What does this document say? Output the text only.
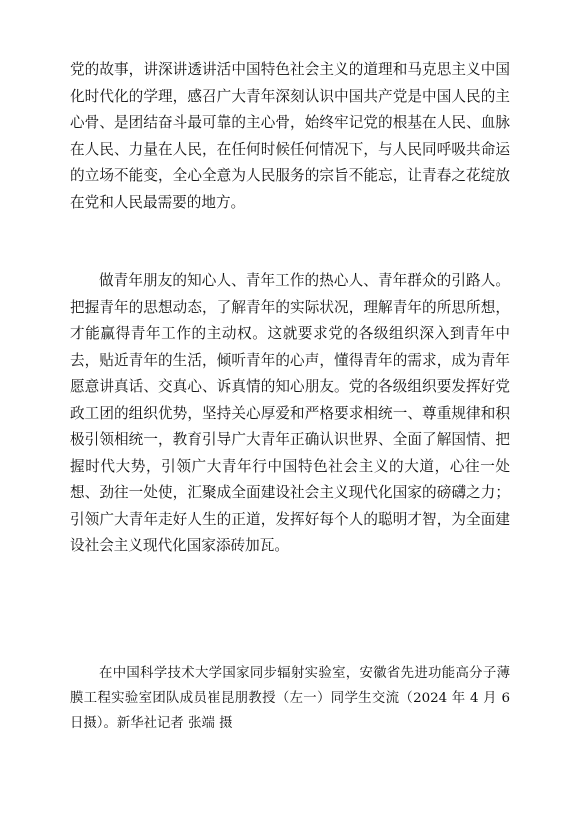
党的故事，讲深讲透讲活中国特色社会主义的道理和马克思主义中国化时代化的学理，感召广大青年深刻认识中国共产党是中国人民的主心骨、是团结奋斗最可靠的主心骨，始终牢记党的根基在人民、血脉在人民、力量在人民，在任何时候任何情况下，与人民同呼吸共命运的立场不能变，全心全意为人民服务的宗旨不能忘，让青春之花绽放在党和人民最需要的地方。

做青年朋友的知心人、青年工作的热心人、青年群众的引路人。把握青年的思想动态，了解青年的实际状况，理解青年的所思所想，才能赢得青年工作的主动权。这就要求党的各级组织深入到青年中去，贴近青年的生活，倾听青年的心声，懂得青年的需求，成为青年愿意讲真话、交真心、诉真情的知心朋友。党的各级组织要发挥好党政工团的组织优势，坚持关心厚爱和严格要求相统一、尊重规律和积极引领相统一，教育引导广大青年正确认识世界、全面了解国情、把握时代大势，引领广大青年行中国特色社会主义的大道，心往一处想、劲往一处使，汇聚成全面建设社会主义现代化国家的磅礴之力；引领广大青年走好人生的正道，发挥好每个人的聪明才智，为全面建设社会主义现代化国家添砖加瓦。

在中国科学技术大学国家同步辐射实验室，安徽省先进功能高分子薄膜工程实验室团队成员崔昆朋教授（左一）同学生交流（2024 年 4 月 6 日摄）。新华社记者 张端 摄
